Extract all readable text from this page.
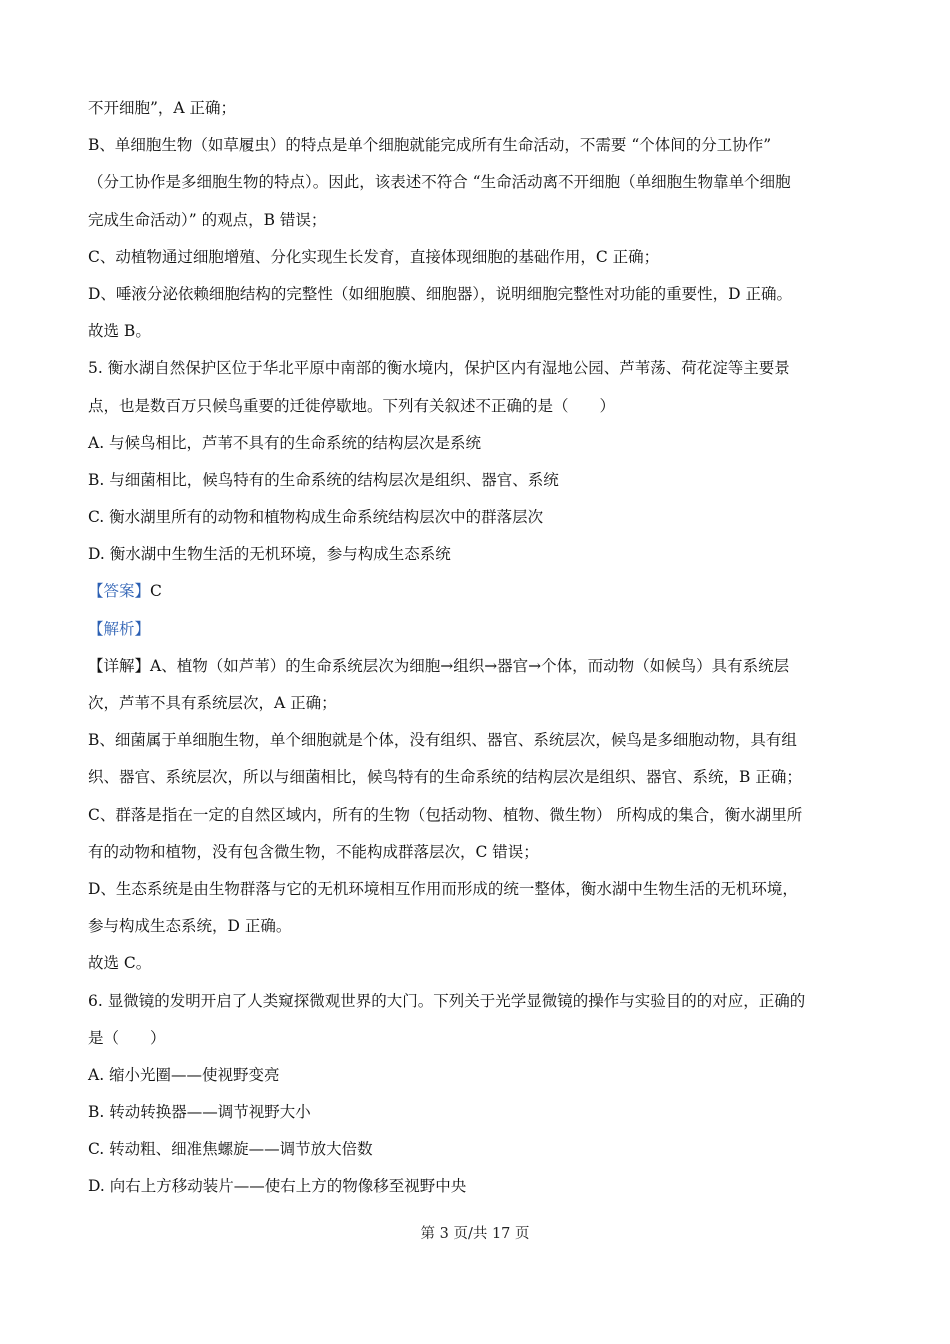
不开细胞”，A 正确；
B、单细胞生物（如草履虫）的特点是单个细胞就能完成所有生命活动，不需要 “个体间的分工协作”
（分工协作是多细胞生物的特点）。因此，该表述不符合 “生命活动离不开细胞（单细胞生物靠单个细胞
完成生命活动）” 的观点，B 错误；
C、动植物通过细胞增殖、分化实现生长发育，直接体现细胞的基础作用，C 正确；
D、唾液分泌依赖细胞结构的完整性（如细胞膜、细胞器），说明细胞完整性对功能的重要性，D 正确。
故选 B。
5. 衡水湖自然保护区位于华北平原中南部的衡水境内，保护区内有湿地公园、芦苇荡、荷花淀等主要景
点，也是数百万只候鸟重要的迁徙停歇地。下列有关叙述不正确的是（　　）
A. 与候鸟相比，芦苇不具有的生命系统的结构层次是系统
B. 与细菌相比，候鸟特有的生命系统的结构层次是组织、器官、系统
C. 衡水湖里所有的动物和植物构成生命系统结构层次中的群落层次
D. 衡水湖中生物生活的无机环境，参与构成生态系统
【答案】C
【解析】
【详解】A、植物（如芦苇）的生命系统层次为细胞→组织→器官→个体，而动物（如候鸟）具有系统层
次，芦苇不具有系统层次，A 正确；
B、细菌属于单细胞生物，单个细胞就是个体，没有组织、器官、系统层次，候鸟是多细胞动物，具有组
织、器官、系统层次，所以与细菌相比，候鸟特有的生命系统的结构层次是组织、器官、系统，B 正确；
C、群落是指在一定的自然区域内，所有的生物（包括动物、植物、微生物） 所构成的集合，衡水湖里所
有的动物和植物，没有包含微生物，不能构成群落层次，C 错误；
D、生态系统是由生物群落与它的无机环境相互作用而形成的统一整体，衡水湖中生物生活的无机环境，
参与构成生态系统，D 正确。
故选 C。
6. 显微镜的发明开启了人类窥探微观世界的大门。下列关于光学显微镜的操作与实验目的的对应，正确的
是（　　）
A. 缩小光圈——使视野变亮
B. 转动转换器——调节视野大小
C. 转动粗、细准焦螺旋——调节放大倍数
D. 向右上方移动装片——使右上方的物像移至视野中央
第 3 页/共 17 页
